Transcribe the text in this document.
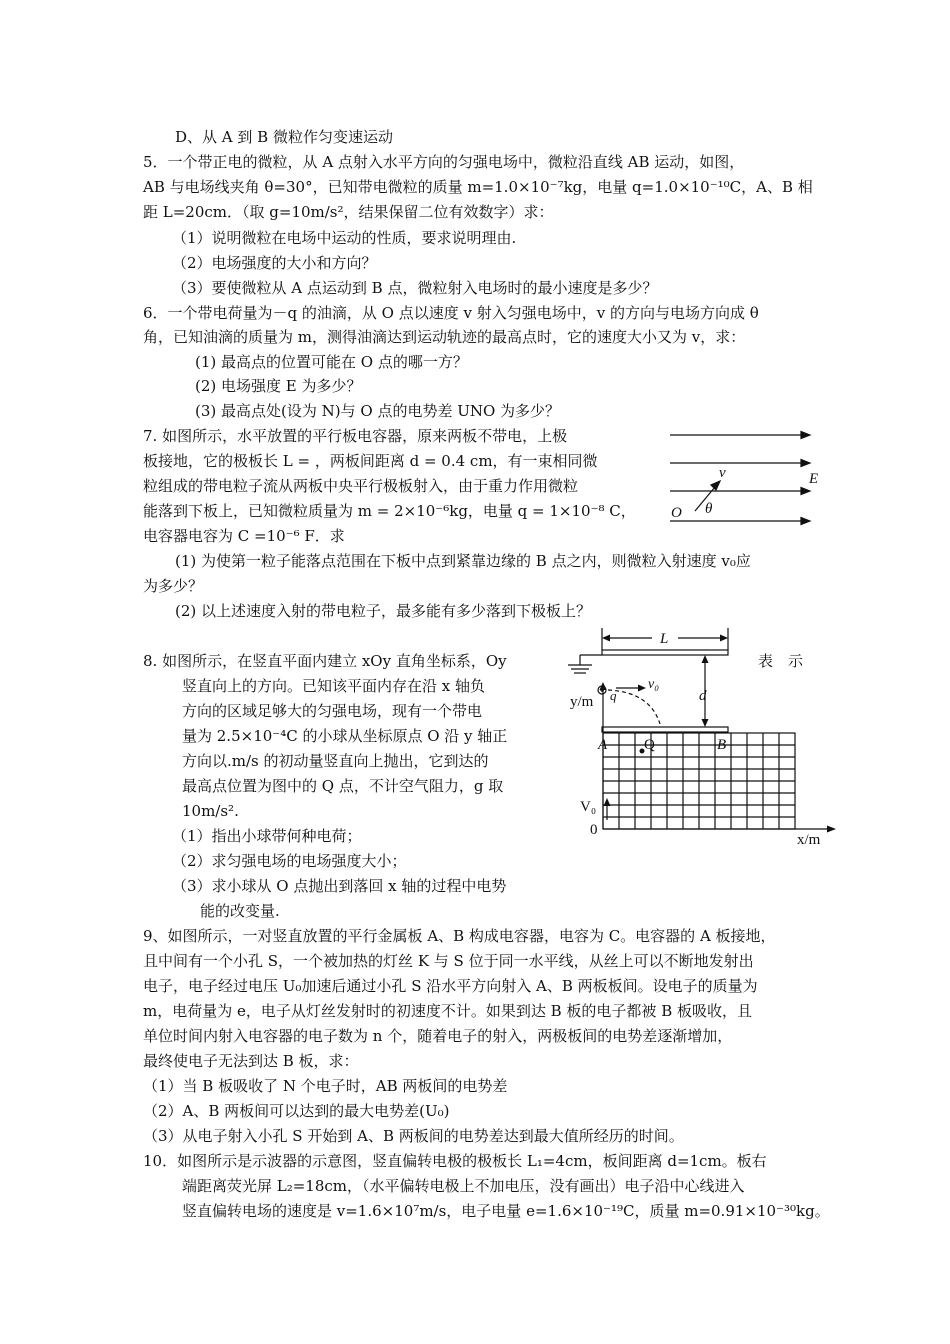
D、从 A 到 B 微粒作匀变速运动
5．一个带正电的微粒，从 A 点射入水平方向的匀强电场中，微粒沿直线 AB 运动，如图，
AB 与电场线夹角 θ=30°，已知带电微粒的质量 m=1.0×10⁻⁷kg，电量 q=1.0×10⁻¹⁰C，A、B 相
距 L=20cm．（取 g=10m/s²，结果保留二位有效数字）求：
（1）说明微粒在电场中运动的性质，要求说明理由.
（2）电场强度的大小和方向？
（3）要使微粒从 A 点运动到 B 点，微粒射入电场时的最小速度是多少？
6．一个带电荷量为－q 的油滴，从 O 点以速度 v 射入匀强电场中，v 的方向与电场方向成 θ
角，已知油滴的质量为 m，测得油滴达到运动轨迹的最高点时，它的速度大小又为 v，求：
(1) 最高点的位置可能在 O 点的哪一方？
(2) 电场强度 E 为多少？
(3) 最高点处(设为 N)与 O 点的电势差 UNO 为多少？
7. 如图所示，水平放置的平行板电容器，原来两板不带电，上极
板接地，它的极板长 L = ，两板间距离 d = 0.4 cm，有一束相同微
粒组成的带电粒子流从两板中央平行极板射入，由于重力作用微粒
能落到下板上，已知微粒质量为 m = 2×10⁻⁶kg，电量 q = 1×10⁻⁸ C，
电容器电容为 C =10⁻⁶ F．求
v	E
O θ
(1) 为使第一粒子能落点范围在下板中点到紧靠边缘的 B 点之内，则微粒入射速度 v₀应
为多少？
(2) 以上述速度入射的带电粒子，最多能有多少落到下极板上？
8. 如图所示，在竖直平面内建立 xOy 直角坐标系，Oy	表　示
竖直向上的方向。已知该平面内存在沿 x 轴负
方向的区域足够大的匀强电场，现有一个带电
量为 2.5×10⁻⁴C 的小球从坐标原点 O 沿 y 轴正
方向以.m/s 的初动量竖直向上抛出，它到达的
最高点位置为图中的 Q 点，不计空气阻力，g 取
10m/s².
（1）指出小球带何种电荷；
（2）求匀强电场的电场强度大小；
（3）求小球从 O 点抛出到落回 x 轴的过程中电势
能的改变量.
L
v₀
q	d
A	B
Q
y/m
V₀
0
x/m
9、如图所示，一对竖直放置的平行金属板 A、B 构成电容器，电容为 C。电容器的 A 板接地，
且中间有一个小孔 S，一个被加热的灯丝 K 与 S 位于同一水平线，从丝上可以不断地发射出
电子，电子经过电压 U₀加速后通过小孔 S 沿水平方向射入 A、B 两板板间。设电子的质量为
m，电荷量为 e，电子从灯丝发射时的初速度不计。如果到达 B 板的电子都被 B 板吸收，且
单位时间内射入电容器的电子数为 n 个，随着电子的射入，两极板间的电势差逐渐增加，
最终使电子无法到达 B 板，求：
（1）当 B 板吸收了 N 个电子时，AB 两板间的电势差
（2）A、B 两板间可以达到的最大电势差(U₀)
（3）从电子射入小孔 S 开始到 A、B 两板间的电势差达到最大值所经历的时间。
10．如图所示是示波器的示意图，竖直偏转电极的极板长 L₁=4cm，板间距离 d=1cm。板右
端距离荧光屏 L₂=18cm，（水平偏转电极上不加电压，没有画出）电子沿中心线进入
竖直偏转电场的速度是 v=1.6×10⁷m/s，电子电量 e=1.6×10⁻¹⁹C，质量 m=0.91×10⁻³⁰kg。
